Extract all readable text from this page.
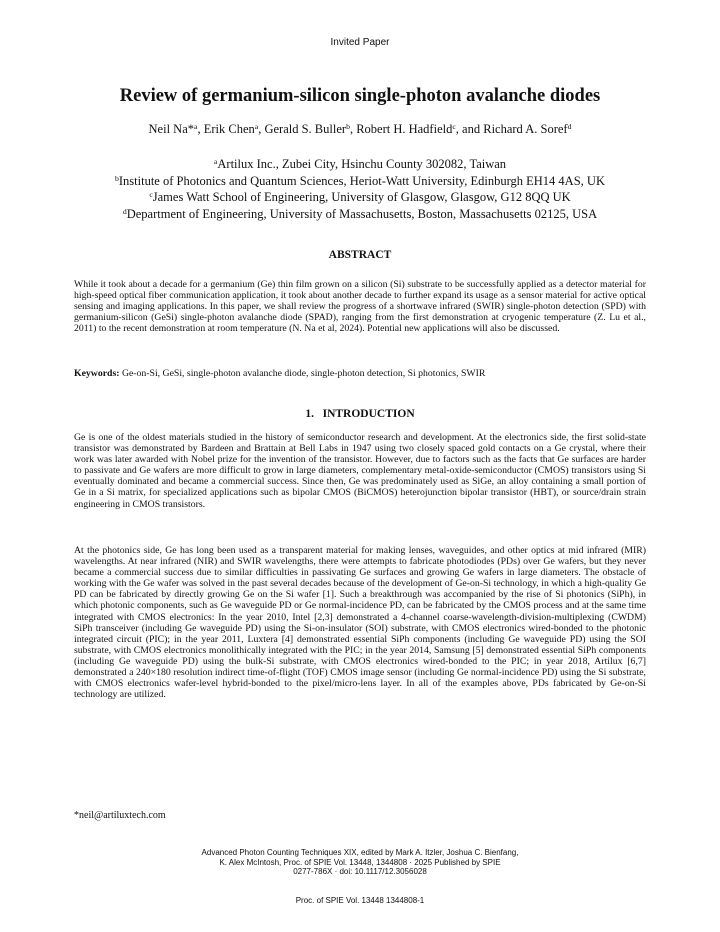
Invited Paper
Review of germanium-silicon single-photon avalanche diodes
Neil Na*$^a$, Erik Chen$^a$, Gerald S. Buller$^b$, Robert H. Hadfield$^c$, and Richard A. Soref$^d$
$^a$Artilux Inc., Zubei City, Hsinchu County 302082, Taiwan
$^b$Institute of Photonics and Quantum Sciences, Heriot-Watt University, Edinburgh EH14 4AS, UK
$^c$James Watt School of Engineering, University of Glasgow, Glasgow, G12 8QQ UK
$^d$Department of Engineering, University of Massachusetts, Boston, Massachusetts 02125, USA
ABSTRACT

While it took about a decade for a germanium (Ge) thin film grown on a silicon (Si) substrate to be successfully applied as a detector material for high-speed optical fiber communication application, it took about another decade to further expand its usage as a sensor material for active optical sensing and imaging applications. In this paper, we shall review the progress of a shortwave infrared (SWIR) single-photon detection (SPD) with germanium-silicon (GeSi) single-photon avalanche diode (SPAD), ranging from the first demonstration at cryogenic temperature (Z. Lu et al., 2011) to the recent demonstration at room temperature (N. Na et al, 2024). Potential new applications will also be discussed.

Keywords: Ge-on-Si, GeSi, single-photon avalanche diode, single-photon detection, Si photonics, SWIR
1.   INTRODUCTION

Ge is one of the oldest materials studied in the history of semiconductor research and development. At the electronics side, the first solid-state transistor was demonstrated by Bardeen and Brattain at Bell Labs in 1947 using two closely spaced gold contacts on a Ge crystal, where their work was later awarded with Nobel prize for the invention of the transistor. However, due to factors such as the facts that Ge surfaces are harder to passivate and Ge wafers are more difficult to grow in large diameters, complementary metal-oxide-semiconductor (CMOS) transistors using Si eventually dominated and became a commercial success. Since then, Ge was predominately used as SiGe, an alloy containing a small portion of Ge in a Si matrix, for specialized applications such as bipolar CMOS (BiCMOS) heterojunction bipolar transistor (HBT), or source/drain strain engineering in CMOS transistors.

At the photonics side, Ge has long been used as a transparent material for making lenses, waveguides, and other optics at mid infrared (MIR) wavelengths. At near infrared (NIR) and SWIR wavelengths, there were attempts to fabricate photodiodes (PDs) over Ge wafers, but they never became a commercial success due to similar difficulties in passivating Ge surfaces and growing Ge wafers in large diameters. The obstacle of working with the Ge wafer was solved in the past several decades because of the development of Ge-on-Si technology, in which a high-quality Ge PD can be fabricated by directly growing Ge on the Si wafer [1]. Such a breakthrough was accompanied by the rise of Si photonics (SiPh), in which photonic components, such as Ge waveguide PD or Ge normal-incidence PD, can be fabricated by the CMOS process and at the same time integrated with CMOS electronics: In the year 2010, Intel [2,3] demonstrated a 4-channel coarse-wavelength-division-multiplexing (CWDM) SiPh transceiver (including Ge waveguide PD) using the Si-on-insulator (SOI) substrate, with CMOS electronics wired-bonded to the photonic integrated circuit (PIC); in the year 2011, Luxtera [4] demonstrated essential SiPh components (including Ge waveguide PD) using the SOI substrate, with CMOS electronics monolithically integrated with the PIC; in the year 2014, Samsung [5] demonstrated essential SiPh components (including Ge waveguide PD) using the bulk-Si substrate, with CMOS electronics wired-bonded to the PIC; in year 2018, Artilux [6,7] demonstrated a 240×180 resolution indirect time-of-flight (TOF) CMOS image sensor (including Ge normal-incidence PD) using the Si substrate, with CMOS electronics wafer-level hybrid-bonded to the pixel/micro-lens layer. In all of the examples above, PDs fabricated by Ge-on-Si technology are utilized.

*neil@artiluxtech.com
Advanced Photon Counting Techniques XIX, edited by Mark A. Itzler, Joshua C. Bienfang,
K. Alex McIntosh, Proc. of SPIE Vol. 13448, 1344808 · 2025 Published by SPIE
0277-786X · doi: 10.1117/12.3056028
Proc. of SPIE Vol. 13448 1344808-1
